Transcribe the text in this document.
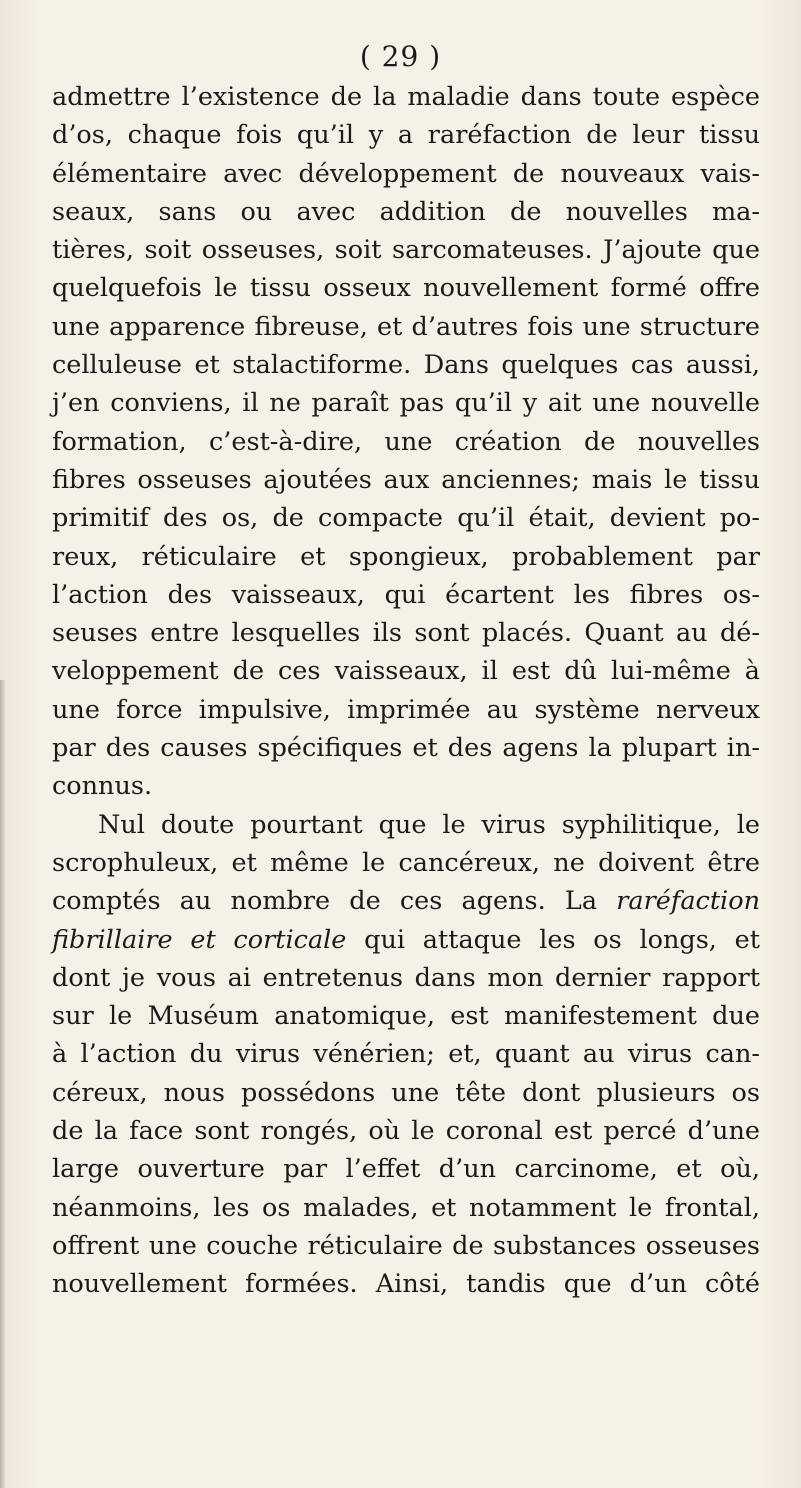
( 29 )
admettre l’existence de la maladie dans toute espèce
d’os, chaque fois qu’il y a raréfaction de leur tissu
élémentaire avec développement de nouveaux vais-
seaux, sans ou avec addition de nouvelles ma-
tières, soit osseuses, soit sarcomateuses. J’ajoute que
quelquefois le tissu osseux nouvellement formé offre
une apparence fibreuse, et d’autres fois une structure
celluleuse et stalactiforme. Dans quelques cas aussi,
j’en conviens, il ne paraît pas qu’il y ait une nouvelle
formation, c’est-à-dire, une création de nouvelles
fibres osseuses ajoutées aux anciennes; mais le tissu
primitif des os, de compacte qu’il était, devient po-
reux, réticulaire et spongieux, probablement par
l’action des vaisseaux, qui écartent les fibres os-
seuses entre lesquelles ils sont placés. Quant au dé-
veloppement de ces vaisseaux, il est dû lui-même à
une force impulsive, imprimée au système nerveux
par des causes spécifiques et des agens la plupart in-
connus.
Nul doute pourtant que le virus syphilitique, le
scrophuleux, et même le cancéreux, ne doivent être
comptés au nombre de ces agens. La raréfaction
fibrillaire et corticale qui attaque les os longs, et
dont je vous ai entretenus dans mon dernier rapport
sur le Muséum anatomique, est manifestement due
à l’action du virus vénérien; et, quant au virus can-
céreux, nous possédons une tête dont plusieurs os
de la face sont rongés, où le coronal est percé d’une
large ouverture par l’effet d’un carcinome, et où,
néanmoins, les os malades, et notamment le frontal,
offrent une couche réticulaire de substances osseuses
nouvellement formées. Ainsi, tandis que d’un côté
